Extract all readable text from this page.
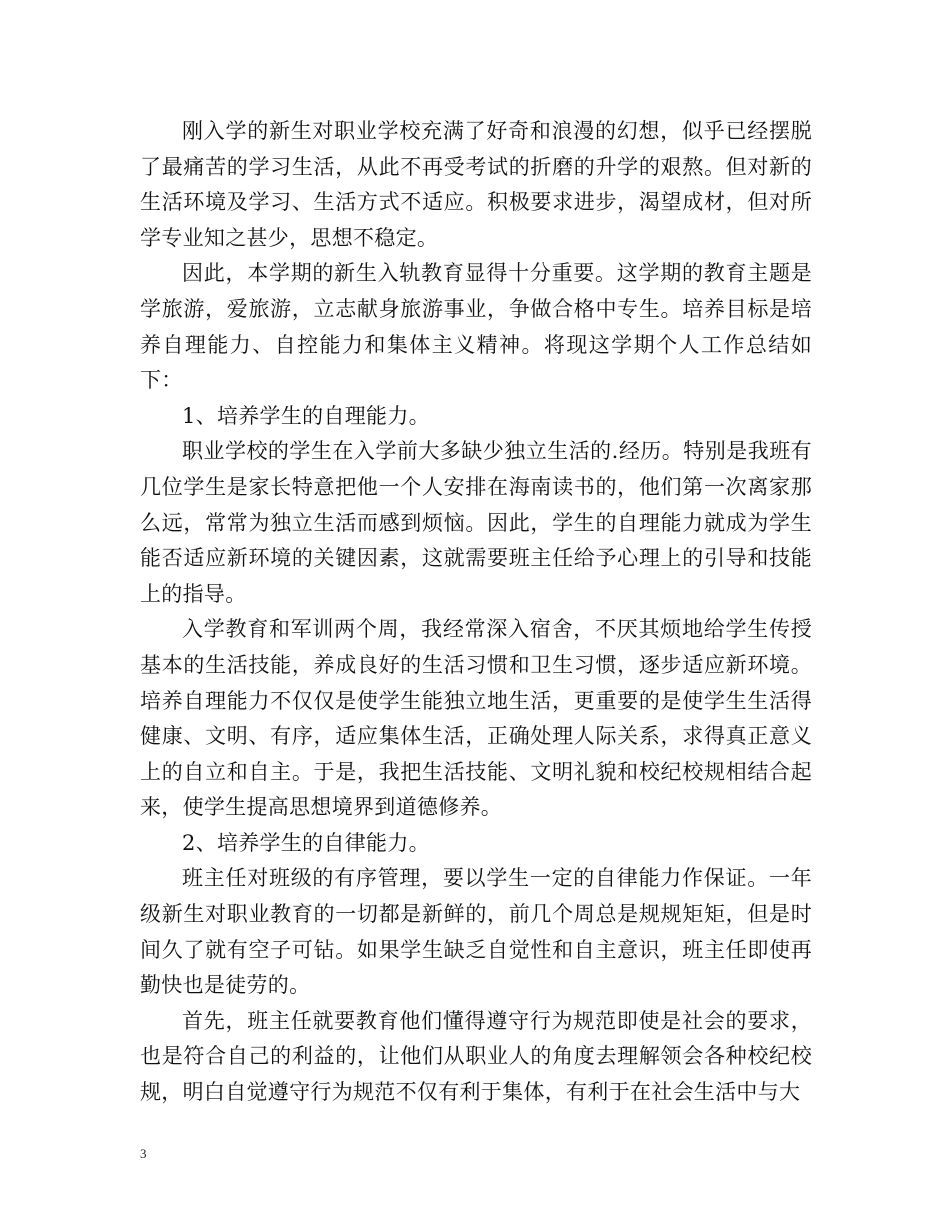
刚入学的新生对职业学校充满了好奇和浪漫的幻想，似乎已经摆脱了最痛苦的学习生活，从此不再受考试的折磨的升学的艰熬。但对新的生活环境及学习、生活方式不适应。积极要求进步，渴望成材，但对所学专业知之甚少，思想不稳定。

因此，本学期的新生入轨教育显得十分重要。这学期的教育主题是学旅游，爱旅游，立志献身旅游事业，争做合格中专生。培养目标是培养自理能力、自控能力和集体主义精神。将现这学期个人工作总结如下：

1、培养学生的自理能力。

职业学校的学生在入学前大多缺少独立生活的.经历。特别是我班有几位学生是家长特意把他一个人安排在海南读书的，他们第一次离家那么远，常常为独立生活而感到烦恼。因此，学生的自理能力就成为学生能否适应新环境的关键因素，这就需要班主任给予心理上的引导和技能上的指导。

入学教育和军训两个周，我经常深入宿舍，不厌其烦地给学生传授基本的生活技能，养成良好的生活习惯和卫生习惯，逐步适应新环境。培养自理能力不仅仅是使学生能独立地生活，更重要的是使学生生活得健康、文明、有序，适应集体生活，正确处理人际关系，求得真正意义上的自立和自主。于是，我把生活技能、文明礼貌和校纪校规相结合起来，使学生提高思想境界到道德修养。

2、培养学生的自律能力。

班主任对班级的有序管理，要以学生一定的自律能力作保证。一年级新生对职业教育的一切都是新鲜的，前几个周总是规规矩矩，但是时间久了就有空子可钻。如果学生缺乏自觉性和自主意识，班主任即使再勤快也是徒劳的。

首先，班主任就要教育他们懂得遵守行为规范即使是社会的要求，也是符合自己的利益的，让他们从职业人的角度去理解领会各种校纪校规，明白自觉遵守行为规范不仅有利于集体，有利于在社会生活中与大

3
